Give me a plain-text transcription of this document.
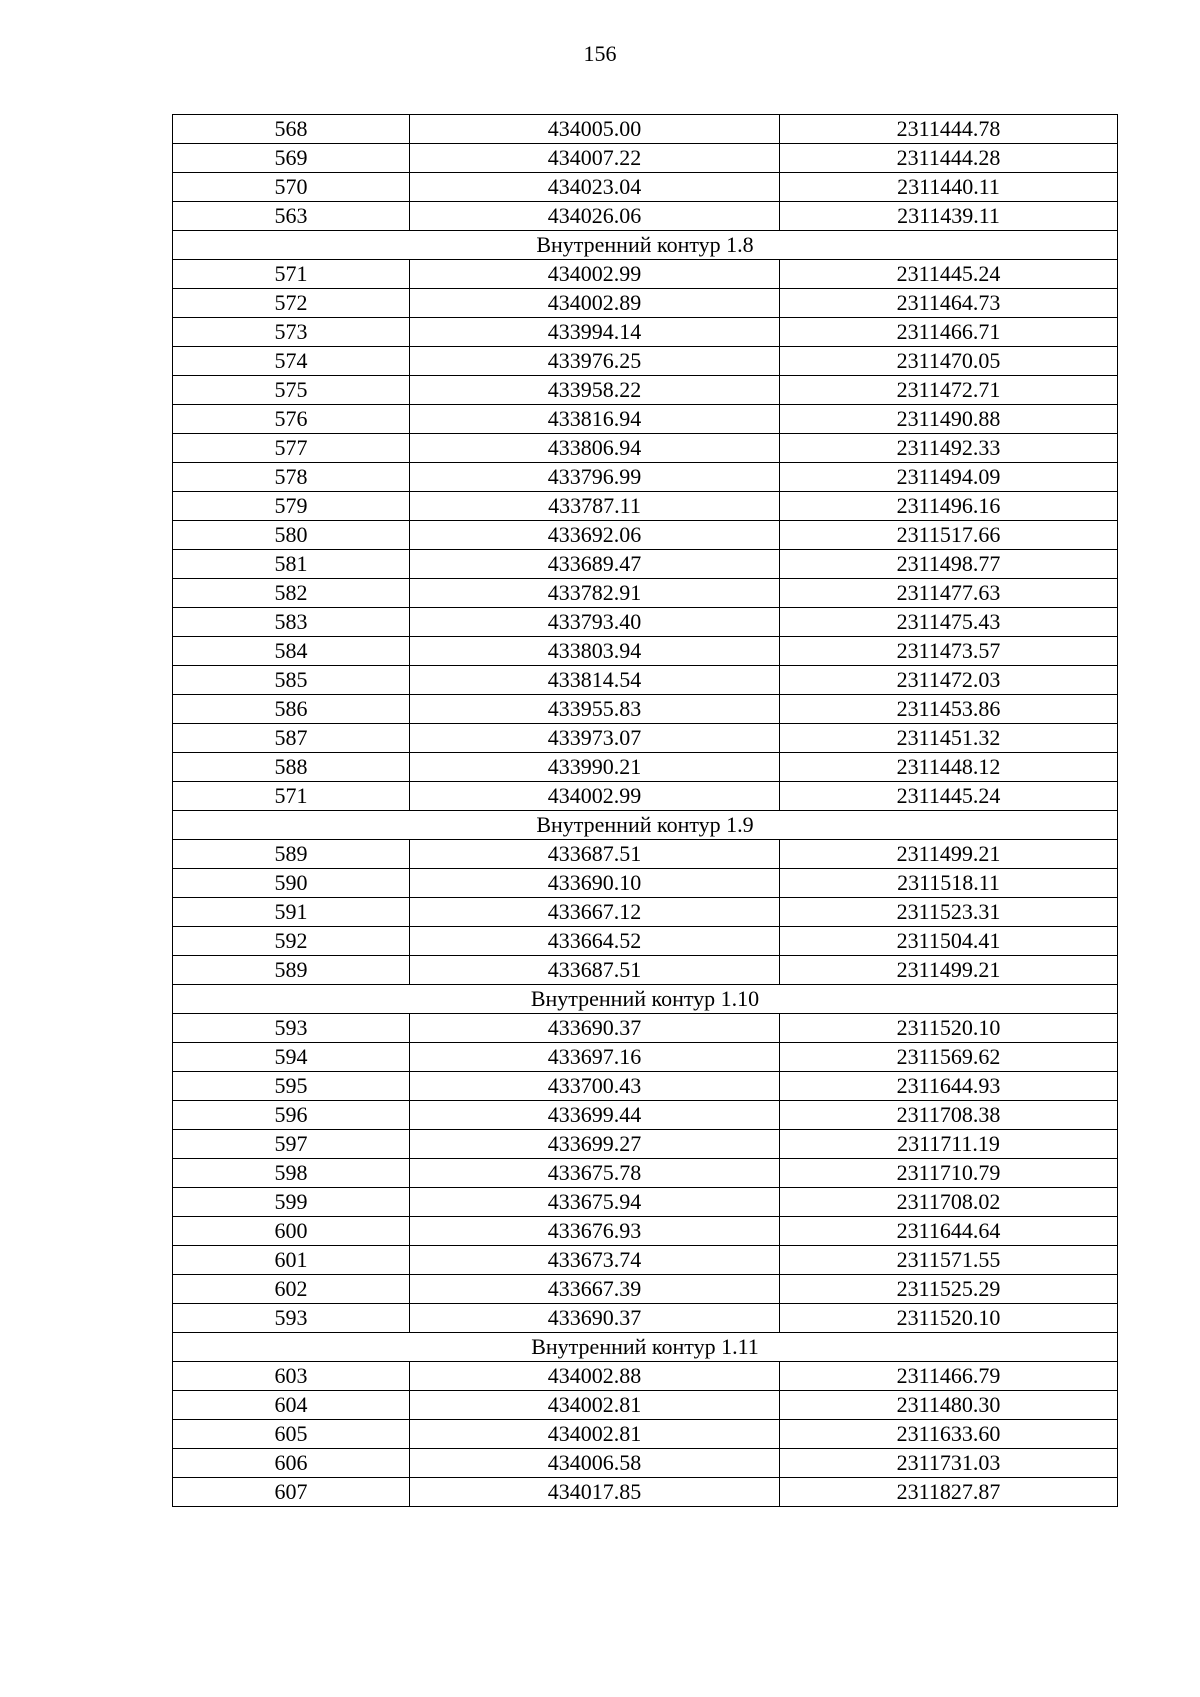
156
568	434005.00	2311444.78
569	434007.22	2311444.28
570	434023.04	2311440.11
563	434026.06	2311439.11
Внутренний контур 1.8		
571	434002.99	2311445.24
572	434002.89	2311464.73
573	433994.14	2311466.71
574	433976.25	2311470.05
575	433958.22	2311472.71
576	433816.94	2311490.88
577	433806.94	2311492.33
578	433796.99	2311494.09
579	433787.11	2311496.16
580	433692.06	2311517.66
581	433689.47	2311498.77
582	433782.91	2311477.63
583	433793.40	2311475.43
584	433803.94	2311473.57
585	433814.54	2311472.03
586	433955.83	2311453.86
587	433973.07	2311451.32
588	433990.21	2311448.12
571	434002.99	2311445.24
Внутренний контур 1.9		
589	433687.51	2311499.21
590	433690.10	2311518.11
591	433667.12	2311523.31
592	433664.52	2311504.41
589	433687.51	2311499.21
Внутренний контур 1.10		
593	433690.37	2311520.10
594	433697.16	2311569.62
595	433700.43	2311644.93
596	433699.44	2311708.38
597	433699.27	2311711.19
598	433675.78	2311710.79
599	433675.94	2311708.02
600	433676.93	2311644.64
601	433673.74	2311571.55
602	433667.39	2311525.29
593	433690.37	2311520.10
Внутренний контур 1.11		
603	434002.88	2311466.79
604	434002.81	2311480.30
605	434002.81	2311633.60
606	434006.58	2311731.03
607	434017.85	2311827.87
